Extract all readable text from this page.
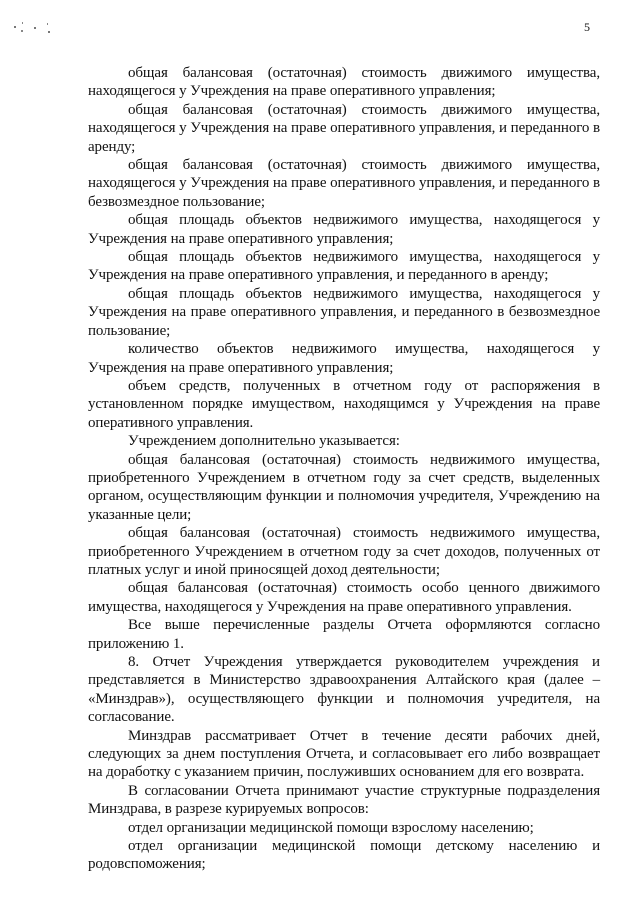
5

общая балансовая (остаточная) стоимость движимого имущества, находящегося у Учреждения на праве оперативного управления;

общая балансовая (остаточная) стоимость движимого имущества, находящегося у Учреждения на праве оперативного управления, и переданного в аренду;

общая балансовая (остаточная) стоимость движимого имущества, находящегося у Учреждения на праве оперативного управления, и переданного в безвозмездное пользование;

общая площадь объектов недвижимого имущества, находящегося у Учреждения на праве оперативного управления;

общая площадь объектов недвижимого имущества, находящегося у Учреждения на праве оперативного управления, и переданного в аренду;

общая площадь объектов недвижимого имущества, находящегося у Учреждения на праве оперативного управления, и переданного в безвозмездное пользование;

количество объектов недвижимого имущества, находящегося у Учреждения на праве оперативного управления;

объем средств, полученных в отчетном году от распоряжения в установленном порядке имуществом, находящимся у Учреждения на праве оперативного управления.

Учреждением дополнительно указывается:

общая балансовая (остаточная) стоимость недвижимого имущества, приобретенного Учреждением в отчетном году за счет средств, выделенных органом, осуществляющим функции и полномочия учредителя, Учреждению на указанные цели;

общая балансовая (остаточная) стоимость недвижимого имущества, приобретенного Учреждением в отчетном году за счет доходов, полученных от платных услуг и иной приносящей доход деятельности;

общая балансовая (остаточная) стоимость особо ценного движимого имущества, находящегося у Учреждения на праве оперативного управления.

Все выше перечисленные разделы Отчета оформляются согласно приложению 1.

8. Отчет Учреждения утверждается руководителем учреждения и представляется в Министерство здравоохранения Алтайского края (далее – «Минздрав»), осуществляющего функции и полномочия учредителя, на согласование.

Минздрав рассматривает Отчет в течение десяти рабочих дней, следующих за днем поступления Отчета, и согласовывает его либо возвращает на доработку с указанием причин, послуживших основанием для его возврата.

В согласовании Отчета принимают участие структурные подразделения Минздрава, в разрезе курируемых вопросов:

отдел организации медицинской помощи взрослому населению;

отдел организации медицинской помощи детскому населению и родовспоможения;
